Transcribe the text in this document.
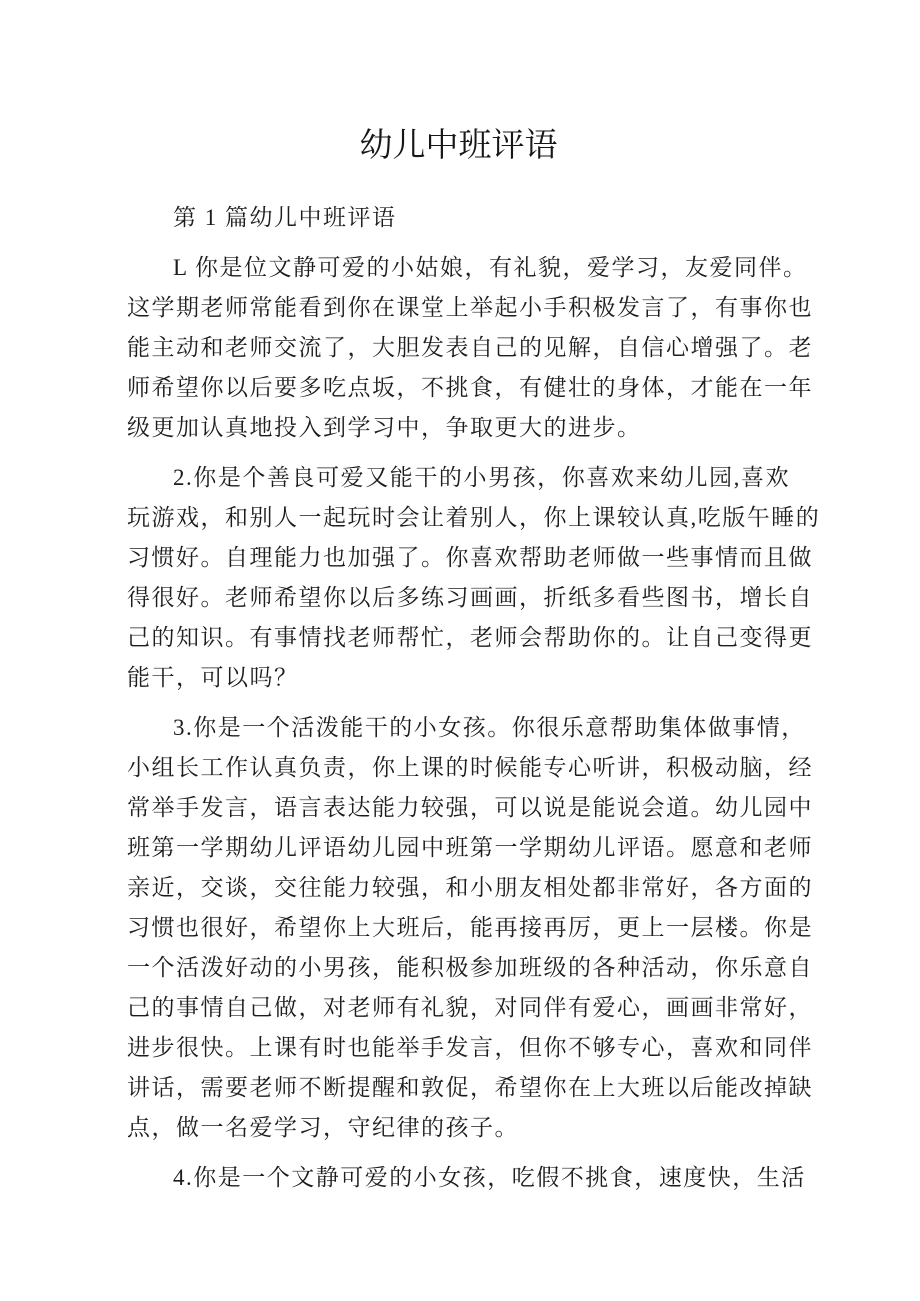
幼儿中班评语
第 1 篇幼儿中班评语
L 你是位文静可爱的小姑娘，有礼貌，爱学习，友爱同伴。
这学期老师常能看到你在课堂上举起小手积极发言了，有事你也
能主动和老师交流了，大胆发表自己的见解，自信心增强了。老
师希望你以后要多吃点坂，不挑食，有健壮的身体，才能在一年
级更加认真地投入到学习中，争取更大的进步。
2.你是个善良可爱又能干的小男孩，你喜欢来幼儿园,喜欢
玩游戏，和别人一起玩时会让着别人，你上课较认真,吃版午睡的
习惯好。自理能力也加强了。你喜欢帮助老师做一些事情而且做
得很好。老师希望你以后多练习画画，折纸多看些图书，增长自
己的知识。有事情找老师帮忙，老师会帮助你的。让自己变得更
能干，可以吗？
3.你是一个活泼能干的小女孩。你很乐意帮助集体做事情，
小组长工作认真负责，你上课的时候能专心听讲，积极动脑，经
常举手发言，语言表达能力较强，可以说是能说会道。幼儿园中
班第一学期幼儿评语幼儿园中班第一学期幼儿评语。愿意和老师
亲近，交谈，交往能力较强，和小朋友相处都非常好，各方面的
习惯也很好，希望你上大班后，能再接再厉，更上一层楼。你是
一个活泼好动的小男孩，能积极参加班级的各种活动，你乐意自
己的事情自己做，对老师有礼貌，对同伴有爱心，画画非常好，
进步很快。上课有时也能举手发言，但你不够专心，喜欢和同伴
讲话，需要老师不断提醒和敦促，希望你在上大班以后能改掉缺
点，做一名爱学习，守纪律的孩子。
4.你是一个文静可爱的小女孩，吃假不挑食，速度快，生活
